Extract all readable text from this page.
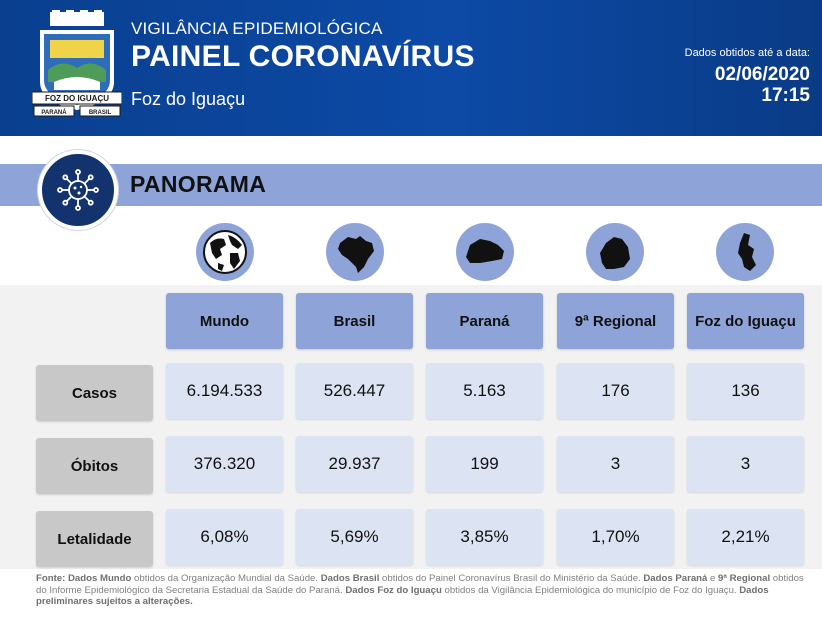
FOZ DO IGUAÇU
PARANÁ	BRASIL
VIGILÂNCIA EPIDEMIOLÓGICA
PAINEL CORONAVÍRUS
Foz do Iguaçu
Dados obtidos até a data:
02/06/2020
17:15
PANORAMA
Mundo	Brasil	Paraná	9ª Regional	Foz do Iguaçu
Casos	6.194.533	526.447	5.163	176	136
Óbitos	376.320	29.937	199	3	3
Letalidade	6,08%	5,69%	3,85%	1,70%	2,21%
Fonte: Dados Mundo obtidos da Organização Mundial da Saúde. Dados Brasil obtidos do Painel Coronavírus Brasil do Ministério da Saúde. Dados Paraná e 9ª Regional obtidos do Informe Epidemiológico da Secretaria Estadual da Saúde do Paraná. Dados Foz do Iguaçu obtidos da Vigilância Epidemiológica do município de Foz do Iguaçu. Dados preliminares sujeitos a alterações.
